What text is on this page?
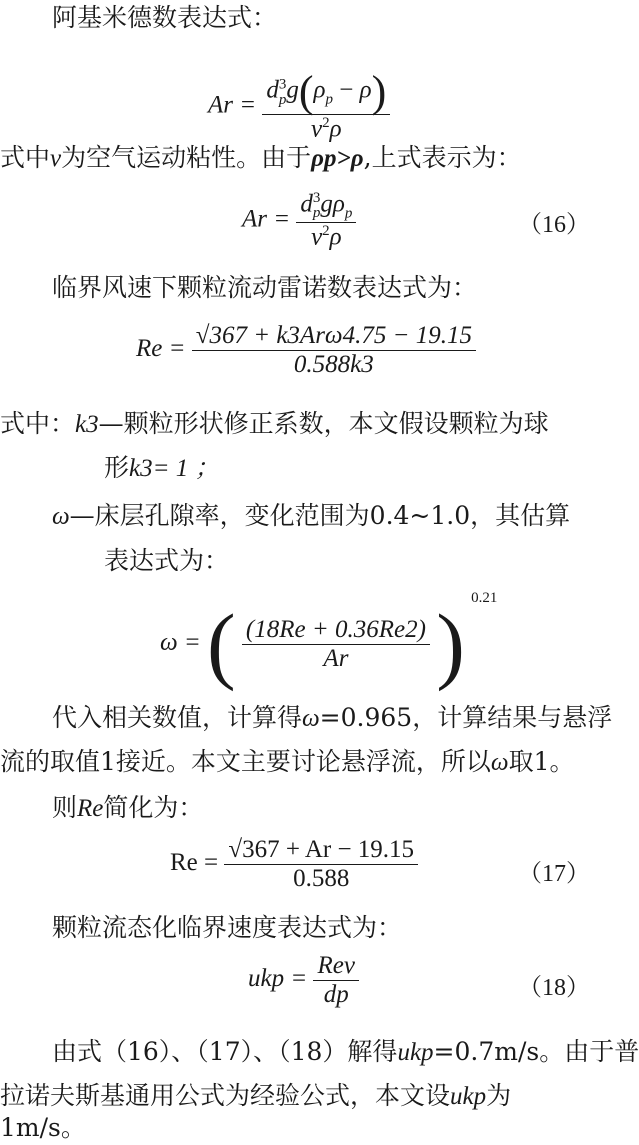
阿基米德数表达式：
$Ar = \frac{d^3_pg(\rho_p - \rho)}{v^2\rho}$
式中v为空气运动粘性。由于ρp>ρ,上式表示为：
$Ar = \frac{d^3_pg\rho_p}{v^2\rho}$	（16）
临界风速下颗粒流动雷诺数表达式为：
$Re = \frac{\text{√367 + k3Arω4.75 − 19.15}}{0.588k3}$
式中：k3—颗粒形状修正系数，本文假设颗粒为球
形k3= 1 ；
ω—床层孔隙率，变化范围为0.4~1.0，其估算
表达式为：
ω = ( $\frac{(18Re + 0.36Re2)}{Ar}$ ) $^{0.21}$
代入相关数值，计算得ω=0.965，计算结果与悬浮
流的取值1接近。本文主要讨论悬浮流，所以ω取1。
则Re简化为：
$Re = \frac{√367 + Ar - 19.15}{0.588}$	（17）
颗粒流态化临界速度表达式为：
ukp = $\frac{\text{Rev}}{dp}$	（18）
由式（16）、（17）、（18）解得ukp=0.7m/s。由于普
拉诺夫斯基通用公式为经验公式，本文设ukp为
1m/s。
